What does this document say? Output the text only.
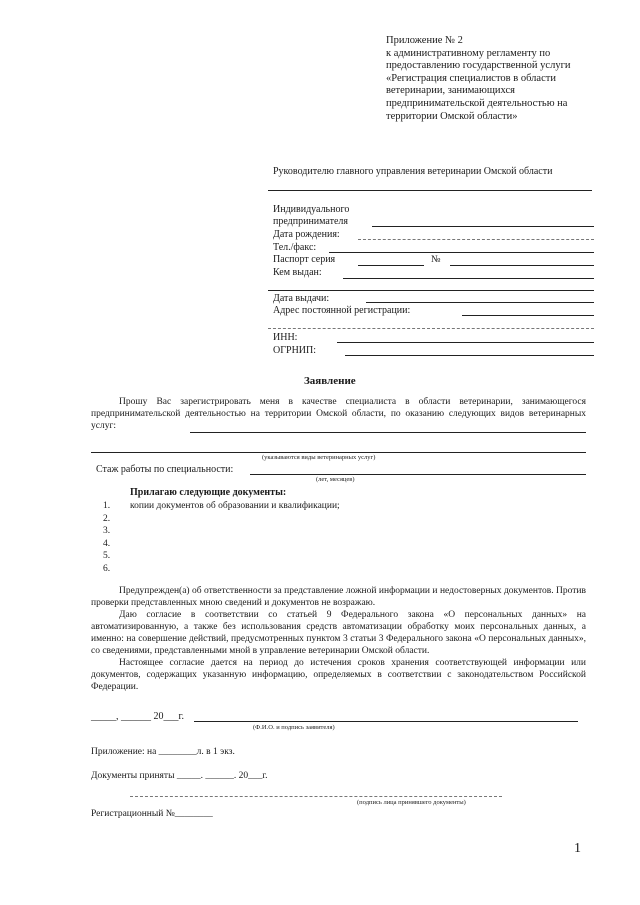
Приложение № 2
к административному регламенту по
предоставлению государственной услуги
«Регистрация специалистов в области
ветеринарии, занимающихся
предпринимательской деятельностью на
территории Омской области»
Руководителю главного управления ветеринарии Омской области
Индивидуального
предпринимателя
Дата рождения:
Тел./факс:
Паспорт серия	№
Кем выдан:
Дата выдачи:
Адрес постоянной регистрации:
ИНН:
ОГРНИП:
Заявление

Прошу Вас зарегистрировать меня в качестве специалиста в области ветеринарии, занимающегося предпринимательской деятельностью на территории Омской области, по оказанию следующих видов ветеринарных услуг:

(указываются виды ветеринарных услуг)
Стаж работы по специальности:
(лет, месяцев)
Прилагаю следующие документы:
1.	копии документов об образовании и квалификации;
2.
3.
4.
5.
6.

Предупрежден(а) об ответственности за представление ложной информации и недостоверных документов. Против проверки представленных мною сведений и документов не возражаю.

Даю согласие в соответствии со статьей 9 Федерального закона «О персональных данных» на автоматизированную, а также без использования средств автоматизации обработку моих персональных данных, а именно: на совершение действий, предусмотренных пунктом 3 статьи 3 Федерального закона «О персональных данных», со сведениями, представленными мной в управление ветеринарии Омской области.

Настоящее согласие дается на период до истечения сроков хранения соответствующей информации или документов, содержащих указанную информацию, определяемых в соответствии с законодательством Российской Федерации.

_____, ______ 20___г.
(Ф.И.О. и подпись заявителя)
Приложение: на ________л. в 1 экз.
Документы приняты _____. ______. 20___г.
(подпись лица принявшего документы)
Регистрационный №________
1
